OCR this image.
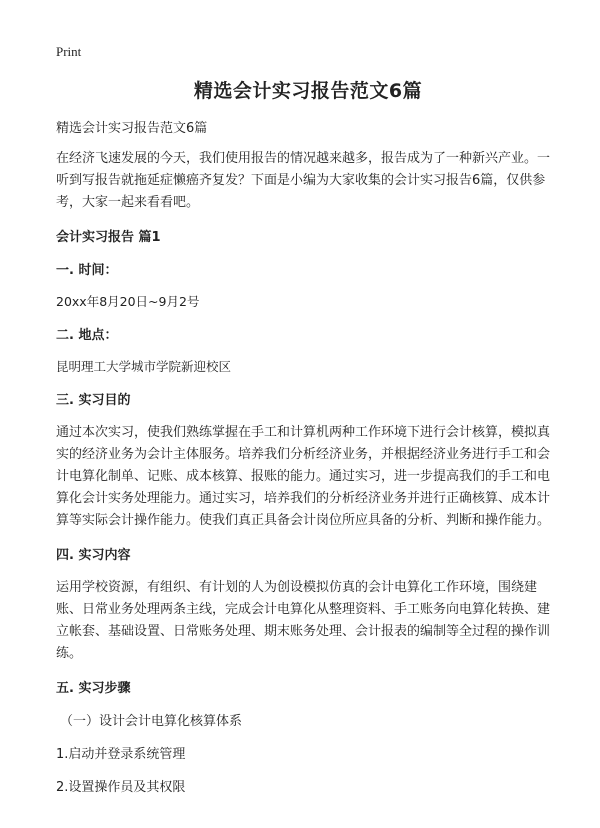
Print
精选会计实习报告范文6篇
精选会计实习报告范文6篇

在经济飞速发展的今天，我们使用报告的情况越来越多，报告成为了一种新兴产业。一听到写报告就拖延症懒癌齐复发？下面是小编为大家收集的会计实习报告6篇，仅供参考，大家一起来看看吧。

会计实习报告 篇1
一. 时间：
20xx年8月20日~9月2号
二. 地点：
昆明理工大学城市学院新迎校区
三. 实习目的

通过本次实习，使我们熟练掌握在手工和计算机两种工作环境下进行会计核算，模拟真实的经济业务为会计主体服务。培养我们分析经济业务，并根据经济业务进行手工和会计电算化制单、记账、成本核算、报账的能力。通过实习，进一步提高我们的手工和电算化会计实务处理能力。通过实习，培养我们的分析经济业务并进行正确核算、成本计算等实际会计操作能力。使我们真正具备会计岗位所应具备的分析、判断和操作能力。

四. 实习内容

运用学校资源，有组织、有计划的人为创设模拟仿真的会计电算化工作环境，围绕建账、日常业务处理两条主线，完成会计电算化从整理资料、手工账务向电算化转换、建立帐套、基础设置、日常账务处理、期末账务处理、会计报表的编制等全过程的操作训练。

五. 实习步骤
（一）设计会计电算化核算体系
1.启动并登录系统管理
2.设置操作员及其权限
